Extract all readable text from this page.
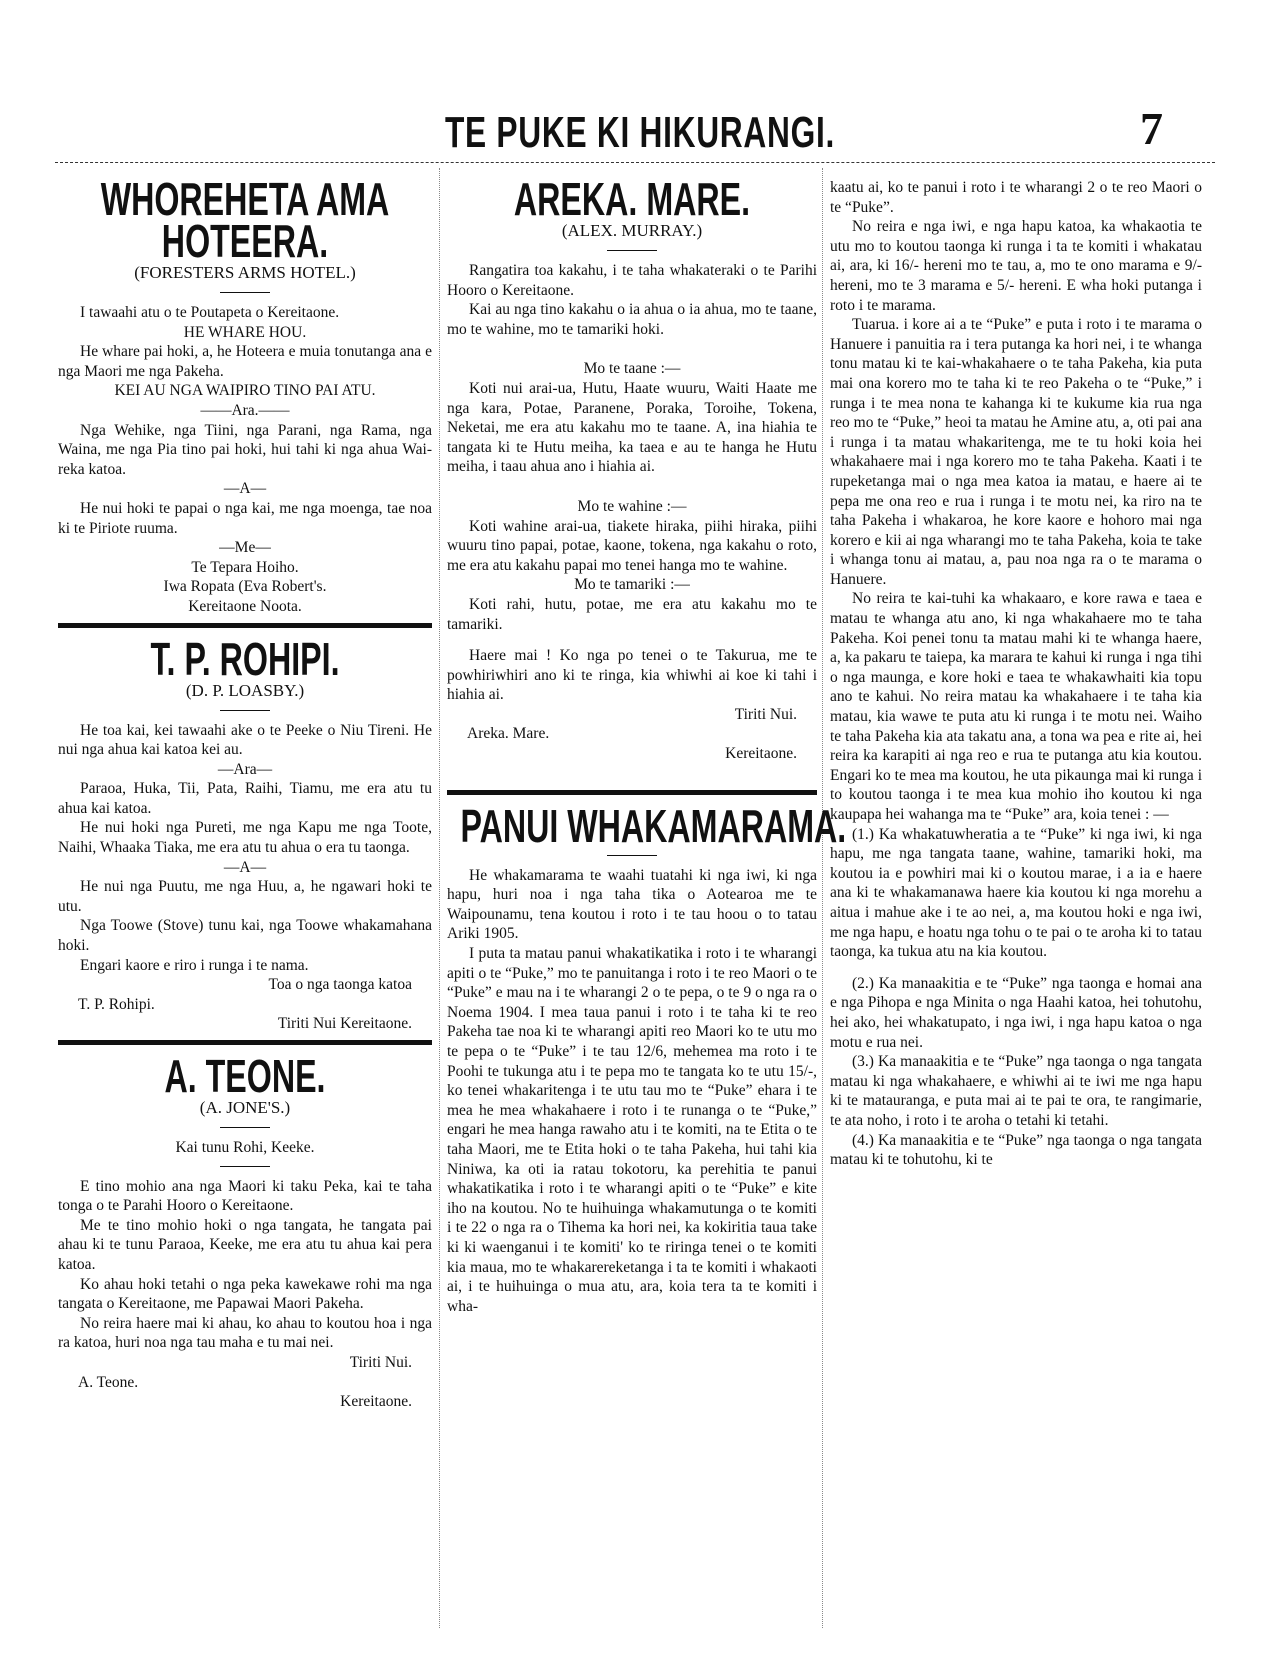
TE PUKE KI HIKURANGI.	7
WHOREHETA AMA
HOTEERA.
(FORESTERS ARMS HOTEL.)
I tawaahi atu o te Poutapeta o Kereitaone.
HE WHARE HOU.
He whare pai hoki, a, he Hoteera e muia tonutanga ana e nga Maori me nga Pakeha.
KEI AU NGA WAIPIRO TINO PAI ATU.
——Ara.——
Nga Wehike, nga Tiini, nga Parani, nga Rama, nga Waina, me nga Pia tino pai hoki, hui tahi ki nga ahua Wai-reka katoa.
—A—
He nui hoki te papai o nga kai, me nga moenga, tae noa ki te Piriote ruuma.
—Me—
Te Tepara Hoiho.
Iwa Ropata (Eva Robert's.
Kereitaone Noota.
T. P. ROHIPI.
(D. P. LOASBY.)
He toa kai, kei tawaahi ake o te Peeke o Niu Tireni. He nui nga ahua kai katoa kei au.
—Ara—
Paraoa, Huka, Tii, Pata, Raihi, Tiamu, me era atu tu ahua kai katoa.
He nui hoki nga Pureti, me nga Kapu me nga Toote, Naihi, Whaaka Tiaka, me era atu tu ahua o era tu taonga.
—A—
He nui nga Puutu, me nga Huu, a, he ngawari hoki te utu.
Nga Toowe (Stove) tunu kai, nga Toowe whakamahana hoki.
Engari kaore e riro i runga i te nama.
Toa o nga taonga katoa
T. P. Rohipi.
Tiriti Nui Kereitaone.
A. TEONE.
(A. JONE'S.)
Kai tunu Rohi, Keeke.
E tino mohio ana nga Maori ki taku Peka, kai te taha tonga o te Parahi Hooro o Kereitaone.
Me te tino mohio hoki o nga tangata, he tangata pai ahau ki te tunu Paraoa, Keeke, me era atu tu ahua kai pera katoa.
Ko ahau hoki tetahi o nga peka kawekawe rohi ma nga tangata o Kereitaone, me Papawai Maori Pakeha.
No reira haere mai ki ahau, ko ahau to koutou hoa i nga ra katoa, huri noa nga tau maha e tu mai nei.
Tiriti Nui.
A. Teone.
Kereitaone.
AREKA. MARE.
(ALEX. MURRAY.)
Rangatira toa kakahu, i te taha whakateraki o te Parihi Hooro o Kereitaone.
Kai au nga tino kakahu o ia ahua o ia ahua, mo te taane, mo te wahine, mo te tamariki hoki.
Mo te taane :—
Koti nui arai-ua, Hutu, Haate wuuru, Waiti Haate me nga kara, Potae, Paranene, Poraka, Toroihe, Tokena, Neketai, me era atu kakahu mo te taane. A, ina hiahia te tangata ki te Hutu meiha, ka taea e au te hanga he Hutu meiha, i taau ahua ano i hiahia ai.
Mo te wahine :—
Koti wahine arai-ua, tiakete hiraka, piihi hiraka, piihi wuuru tino papai, potae, kaone, tokena, nga kakahu o roto, me era atu kakahu papai mo tenei hanga mo te wahine.
Mo te tamariki :—
Koti rahi, hutu, potae, me era atu kakahu mo te tamariki.
Haere mai ! Ko nga po tenei o te Takurua, me te powhiriwhiri ano ki te ringa, kia whiwhi ai koe ki tahi i hiahia ai.
Tiriti Nui.
Areka. Mare.
Kereitaone.
PANUI WHAKAMARAMA.
He whakamarama te waahi tuatahi ki nga iwi, ki nga hapu, huri noa i nga taha tika o Aotearoa me te Waipounamu, tena koutou i roto i te tau hoou o to tatau Ariki 1905.
I puta ta matau panui whakatikatika i roto i te wharangi apiti o te “Puke,” mo te panuitanga i roto i te reo Maori o te “Puke” e mau na i te wharangi 2 o te pepa, o te 9 o nga ra o Noema 1904. I mea taua panui i roto i te taha ki te reo Pakeha tae noa ki te wharangi apiti reo Maori ko te utu mo te pepa o te “Puke” i te tau 12/6, mehemea ma roto i te Poohi te tukunga atu i te pepa mo te tangata ko te utu 15/-, ko tenei whakaritenga i te utu tau mo te “Puke” ehara i te mea he mea whakahaere i roto i te runanga o te “Puke,” engari he mea hanga rawaho atu i te komiti, na te Etita o te taha Maori, me te Etita hoki o te taha Pakeha, hui tahi kia Niniwa, ka oti ia ratau tokotoru, ka perehitia te panui whakatikatika i roto i te wharangi apiti o te “Puke” e kite iho na koutou. No te huihuinga whakamutunga o te komiti i te 22 o nga ra o Tihema ka hori nei, ka kokiritia taua take ki ki waenganui i te komiti' ko te riringa tenei o te komiti kia maua, mo te whakarereketanga i ta te komiti i whakaoti ai, i te huihuinga o mua atu, ara, koia tera ta te komiti i wha-
kaatu ai, ko te panui i roto i te wharangi 2 o te reo Maori o te “Puke”.
No reira e nga iwi, e nga hapu katoa, ka whakaotia te utu mo to koutou taonga ki runga i ta te komiti i whakatau ai, ara, ki 16/- hereni mo te tau, a, mo te ono marama e 9/- hereni, mo te 3 marama e 5/- hereni. E wha hoki putanga i roto i te marama.
Tuarua. i kore ai a te “Puke” e puta i roto i te marama o Hanuere i panuitia ra i tera putanga ka hori nei, i te whanga tonu matau ki te kai-whakahaere o te taha Pakeha, kia puta mai ona korero mo te taha ki te reo Pakeha o te “Puke,” i runga i te mea nona te kahanga ki te kukume kia rua nga reo mo te “Puke,” heoi ta matau he Amine atu, a, oti pai ana i runga i ta matau whakaritenga, me te tu hoki koia hei whakahaere mai i nga korero mo te taha Pakeha. Kaati i te rupeketanga mai o nga mea katoa ia matau, e haere ai te pepa me ona reo e rua i runga i te motu nei, ka riro na te taha Pakeha i whakaroa, he kore kaore e hohoro mai nga korero e kii ai nga wharangi mo te taha Pakeha, koia te take i whanga tonu ai matau, a, pau noa nga ra o te marama o Hanuere.
No reira te kai-tuhi ka whakaaro, e kore rawa e taea e matau te whanga atu ano, ki nga whakahaere mo te taha Pakeha. Koi penei tonu ta matau mahi ki te whanga haere, a, ka pakaru te taiepa, ka marara te kahui ki runga i nga tihi o nga maunga, e kore hoki e taea te whakawhaiti kia topu ano te kahui. No reira matau ka whakahaere i te taha kia matau, kia wawe te puta atu ki runga i te motu nei. Waiho te taha Pakeha kia ata takatu ana, a tona wa pea e rite ai, hei reira ka karapiti ai nga reo e rua te putanga atu kia koutou. Engari ko te mea ma koutou, he uta pikaunga mai ki runga i to koutou taonga i te mea kua mohio iho koutou ki nga kaupapa hei wahanga ma te “Puke” ara, koia tenei : —
(1.) Ka whakatuwheratia a te “Puke” ki nga iwi, ki nga hapu, me nga tangata taane, wahine, tamariki hoki, ma koutou ia e powhiri mai ki o koutou marae, i a ia e haere ana ki te whakamanawa haere kia koutou ki nga morehu a aitua i mahue ake i te ao nei, a, ma koutou hoki e nga iwi, me nga hapu, e hoatu nga tohu o te pai o te aroha ki to tatau taonga, ka tukua atu na kia koutou.
(2.) Ka manaakitia e te “Puke” nga taonga e homai ana e nga Pihopa e nga Minita o nga Haahi katoa, hei tohutohu, hei ako, hei whakatupato, i nga iwi, i nga hapu katoa o nga motu e rua nei.
(3.) Ka manaakitia e te “Puke” nga taonga o nga tangata matau ki nga whakahaere, e whiwhi ai te iwi me nga hapu ki te matauranga, e puta mai ai te pai te ora, te rangimarie, te ata noho, i roto i te aroha o tetahi ki tetahi.
(4.) Ka manaakitia e te “Puke” nga taonga o nga tangata matau ki te tohutohu, ki te
